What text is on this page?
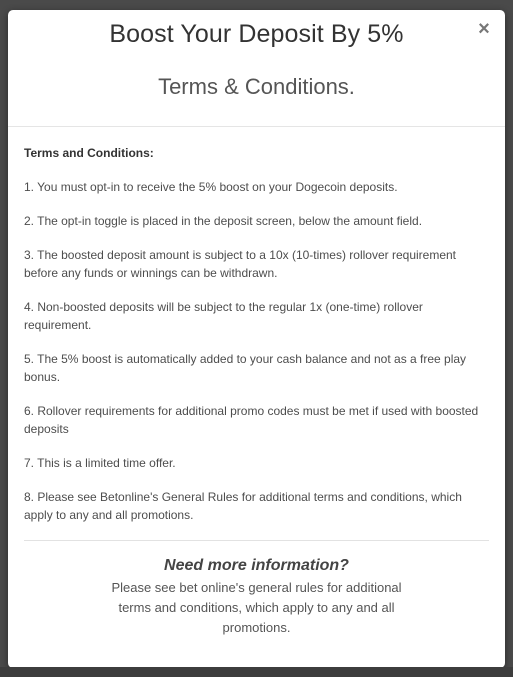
Boost Your Deposit By 5%
Terms & Conditions.
×

Terms and Conditions:

1. You must opt-in to receive the 5% boost on your Dogecoin deposits.

2. The opt-in toggle is placed in the deposit screen, below the amount field.

3. The boosted deposit amount is subject to a 10x (10-times) rollover requirement before any funds or winnings can be withdrawn.

4. Non-boosted deposits will be subject to the regular 1x (one-time) rollover requirement.

5. The 5% boost is automatically added to your cash balance and not as a free play bonus.

6. Rollover requirements for additional promo codes must be met if used with boosted deposits

7. This is a limited time offer.

8. Please see Betonline's General Rules for additional terms and conditions, which apply to any and all promotions.

Need more information?

Please see bet online's general rules for additional terms and conditions, which apply to any and all promotions.
